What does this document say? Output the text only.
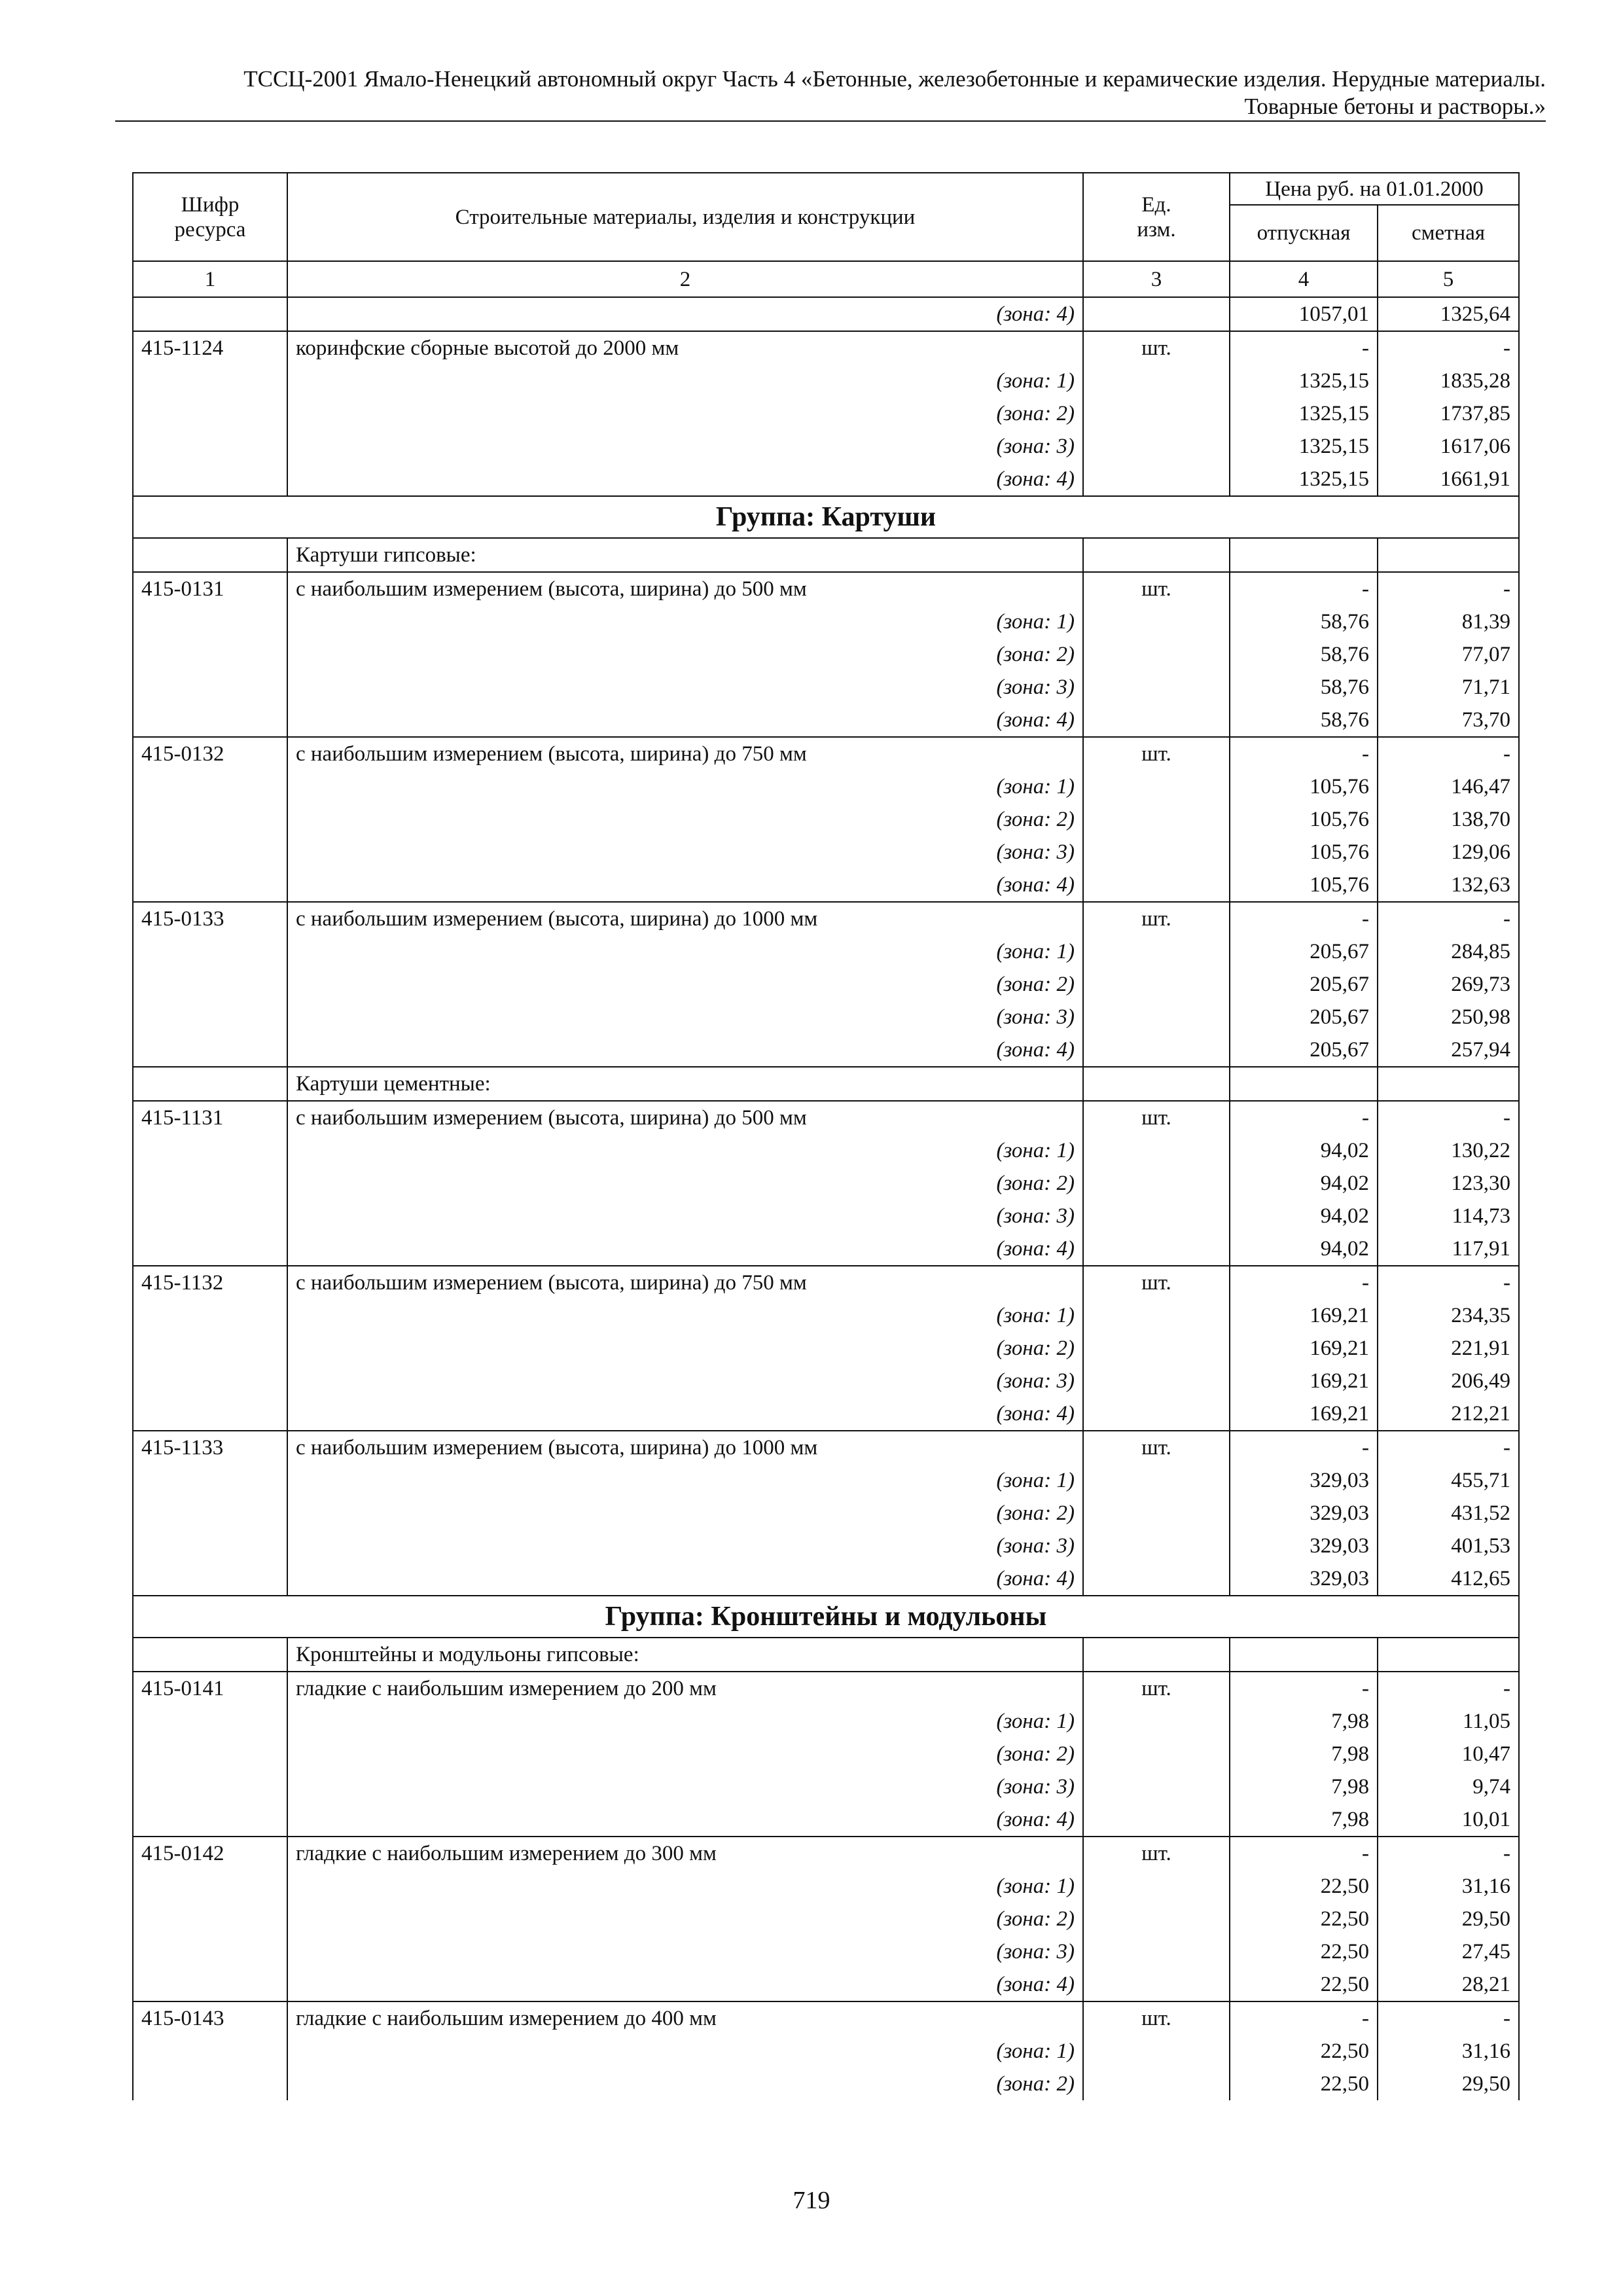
ТССЦ-2001 Ямало-Ненецкий автономный округ Часть 4 «Бетонные, железобетонные и керамические изделия. Нерудные материалы.
Товарные бетоны и растворы.»
Шифр ресурса	Строительные материалы, изделия и конструкции	Ед. изм.	Цена руб. на 01.01.2000	
			отпускная	сметная
1	2	3	4	5
	(зона: 4)		1057,01	1325,64
415-1124	коринфские сборные высотой до 2000 мм	шт.	-	-
	(зона: 1)		1325,15	1835,28
	(зона: 2)		1325,15	1737,85
	(зона: 3)		1325,15	1617,06
	(зона: 4)		1325,15	1661,91
Группа: Картуши				
	Картуши гипсовые:			
415-0131	с наибольшим измерением (высота, ширина) до 500 мм	шт.	-	-
	(зона: 1)		58,76	81,39
	(зона: 2)		58,76	77,07
	(зона: 3)		58,76	71,71
	(зона: 4)		58,76	73,70
415-0132	с наибольшим измерением (высота, ширина) до 750 мм	шт.	-	-
	(зона: 1)		105,76	146,47
	(зона: 2)		105,76	138,70
	(зона: 3)		105,76	129,06
	(зона: 4)		105,76	132,63
415-0133	с наибольшим измерением (высота, ширина) до 1000 мм	шт.	-	-
	(зона: 1)		205,67	284,85
	(зона: 2)		205,67	269,73
	(зона: 3)		205,67	250,98
	(зона: 4)		205,67	257,94
	Картуши цементные:			
415-1131	с наибольшим измерением (высота, ширина) до 500 мм	шт.	-	-
	(зона: 1)		94,02	130,22
	(зона: 2)		94,02	123,30
	(зона: 3)		94,02	114,73
	(зона: 4)		94,02	117,91
415-1132	с наибольшим измерением (высота, ширина) до 750 мм	шт.	-	-
	(зона: 1)		169,21	234,35
	(зона: 2)		169,21	221,91
	(зона: 3)		169,21	206,49
	(зона: 4)		169,21	212,21
415-1133	с наибольшим измерением (высота, ширина) до 1000 мм	шт.	-	-
	(зона: 1)		329,03	455,71
	(зона: 2)		329,03	431,52
	(зона: 3)		329,03	401,53
	(зона: 4)		329,03	412,65
Группа: Кронштейны и модульоны				
	Кронштейны и модульоны гипсовые:			
415-0141	гладкие с наибольшим измерением до 200 мм	шт.	-	-
	(зона: 1)		7,98	11,05
	(зона: 2)		7,98	10,47
	(зона: 3)		7,98	9,74
	(зона: 4)		7,98	10,01
415-0142	гладкие с наибольшим измерением до 300 мм	шт.	-	-
	(зона: 1)		22,50	31,16
	(зона: 2)		22,50	29,50
	(зона: 3)		22,50	27,45
	(зона: 4)		22,50	28,21
415-0143	гладкие с наибольшим измерением до 400 мм	шт.	-	-
	(зона: 1)		22,50	31,16
	(зона: 2)		22,50	29,50
719
